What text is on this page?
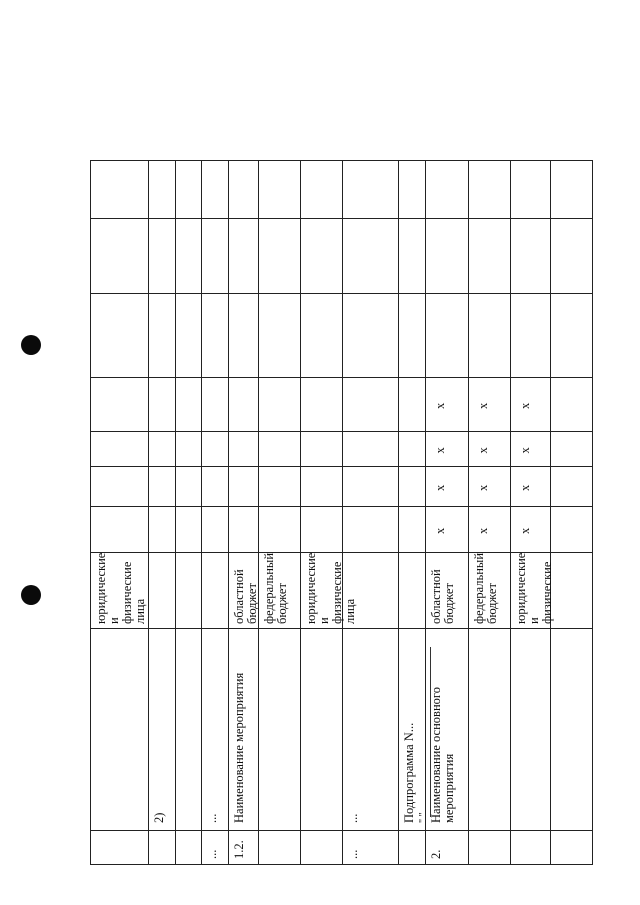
юридические и
физические
лица
2)
...
...
1.2.
Наименование мероприятия
областной
бюджет федеральный
бюджет юридические и
физические
лица
...
...	Подпрограмма N... " "
2.
Наименование основного
мероприятия
областной
бюджет
x
x
x
x
федеральный
бюджет
x
x
x
x
юридические и
физические
x
x
x
x
